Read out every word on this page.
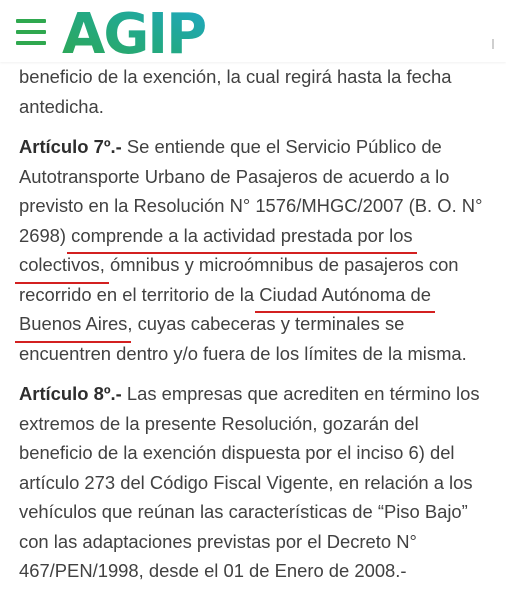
AGIP

beneficio de la exención, la cual regirá hasta la fecha
antedicha.

Artículo 7º.- Se entiende que el Servicio Público de
Autotransporte Urbano de Pasajeros de acuerdo a lo
previsto en la Resolución N° 1576/MHGC/2007 (B. O. N°
2698) comprende a la actividad prestada por los
colectivos, ómnibus y microómnibus de pasajeros con
recorrido en el territorio de la Ciudad Autónoma de
Buenos Aires, cuyas cabeceras y terminales se
encuentren dentro y/o fuera de los límites de la misma.

Artículo 8º.- Las empresas que acrediten en término los
extremos de la presente Resolución, gozarán del
beneficio de la exención dispuesta por el inciso 6) del
artículo 273 del Código Fiscal Vigente, en relación a los
vehículos que reúnan las características de “Piso Bajo”
con las adaptaciones previstas por el Decreto N°
467/PEN/1998, desde el 01 de Enero de 2008.-
